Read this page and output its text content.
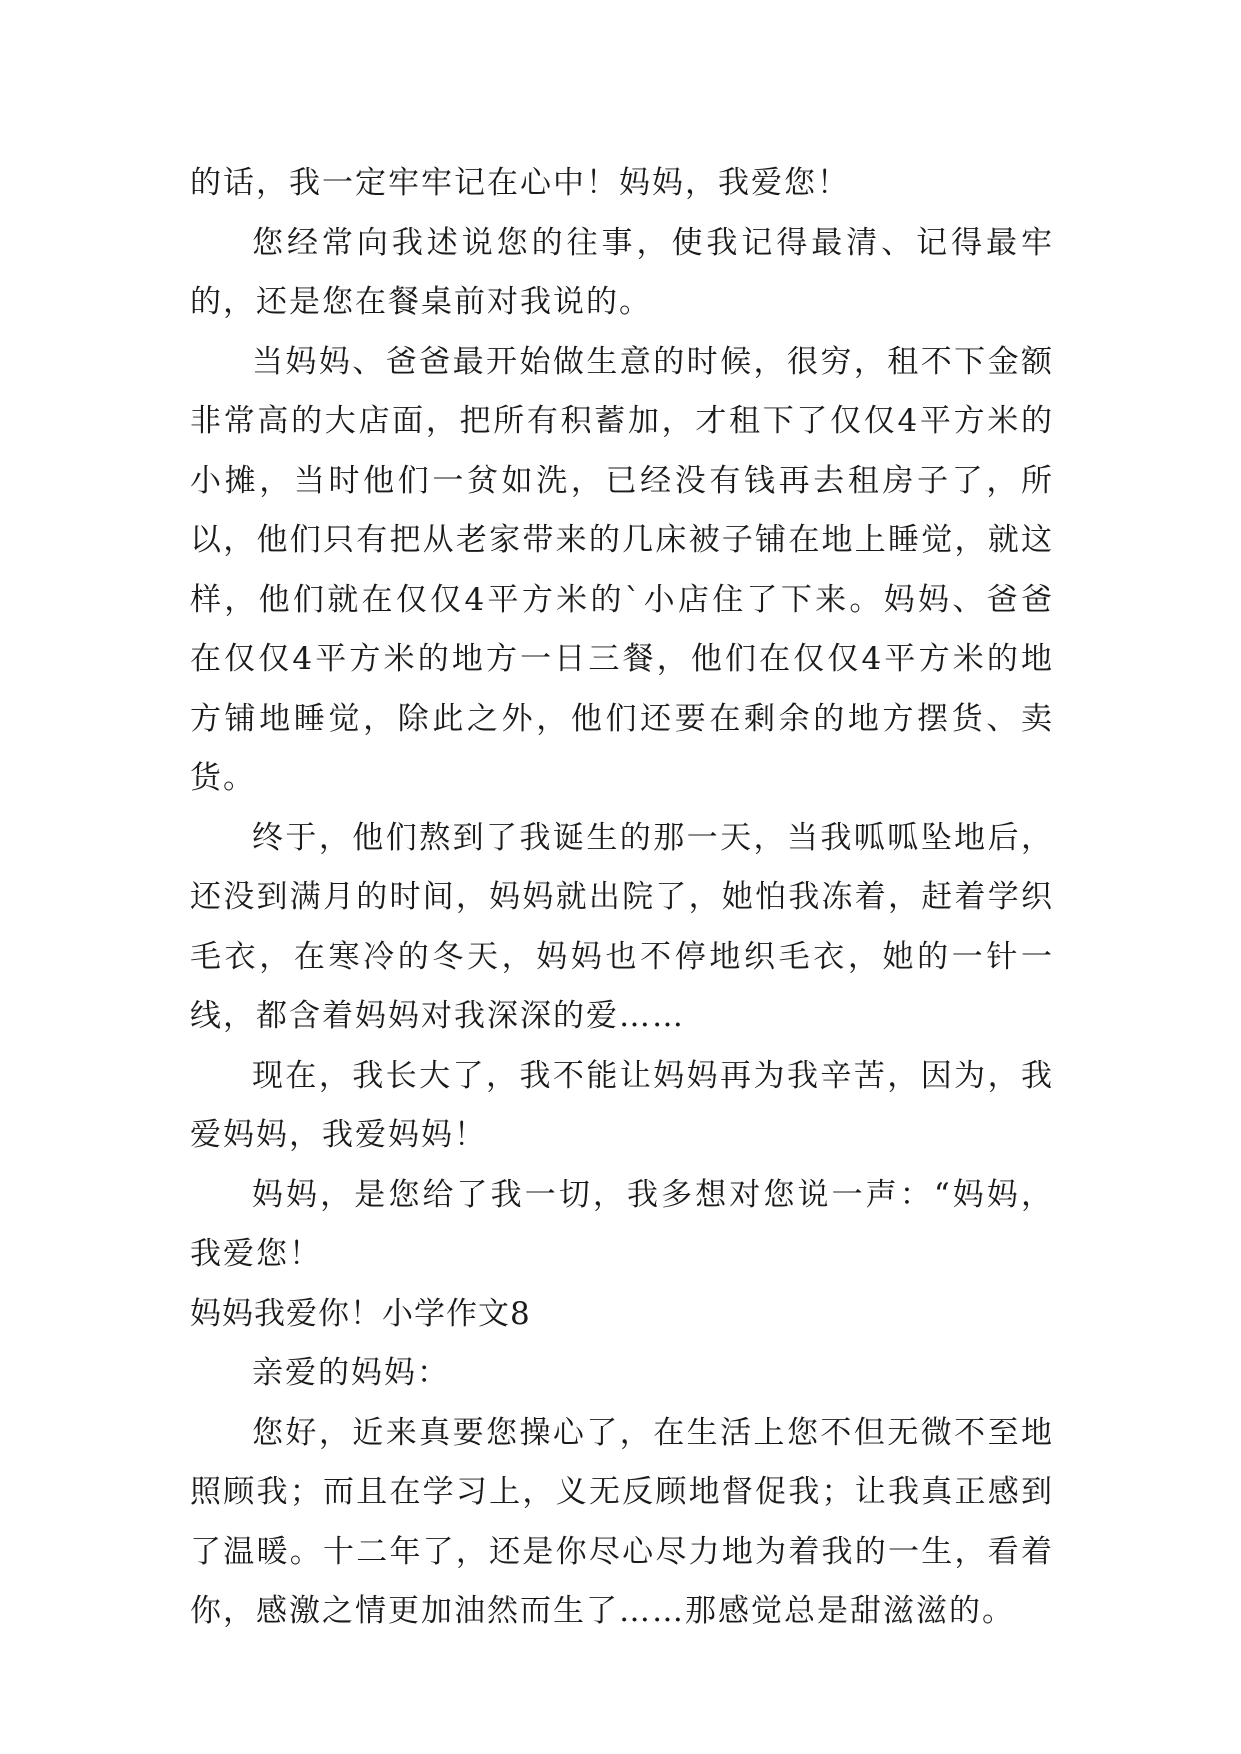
的话，我一定牢牢记在心中！妈妈，我爱您！

您经常向我述说您的往事，使我记得最清、记得最牢的，还是您在餐桌前对我说的。

当妈妈、爸爸最开始做生意的时候，很穷，租不下金额非常高的大店面，把所有积蓄加，才租下了仅仅4平方米的小摊，当时他们一贫如洗，已经没有钱再去租房子了，所以，他们只有把从老家带来的几床被子铺在地上睡觉，就这样，他们就在仅仅4平方米的`小店住了下来。妈妈、爸爸在仅仅4平方米的地方一日三餐，他们在仅仅4平方米的地方铺地睡觉，除此之外，他们还要在剩余的地方摆货、卖货。

终于，他们熬到了我诞生的那一天，当我呱呱坠地后，还没到满月的时间，妈妈就出院了，她怕我冻着，赶着学织毛衣，在寒冷的冬天，妈妈也不停地织毛衣，她的一针一线，都含着妈妈对我深深的爱……

现在，我长大了，我不能让妈妈再为我辛苦，因为，我爱妈妈，我爱妈妈！

妈妈，是您给了我一切，我多想对您说一声：“妈妈，我爱您！

妈妈我爱你！小学作文8

亲爱的妈妈：

您好，近来真要您操心了，在生活上您不但无微不至地照顾我；而且在学习上，义无反顾地督促我；让我真正感到了温暖。十二年了，还是你尽心尽力地为着我的一生，看着你，感激之情更加油然而生了……那感觉总是甜滋滋的。
